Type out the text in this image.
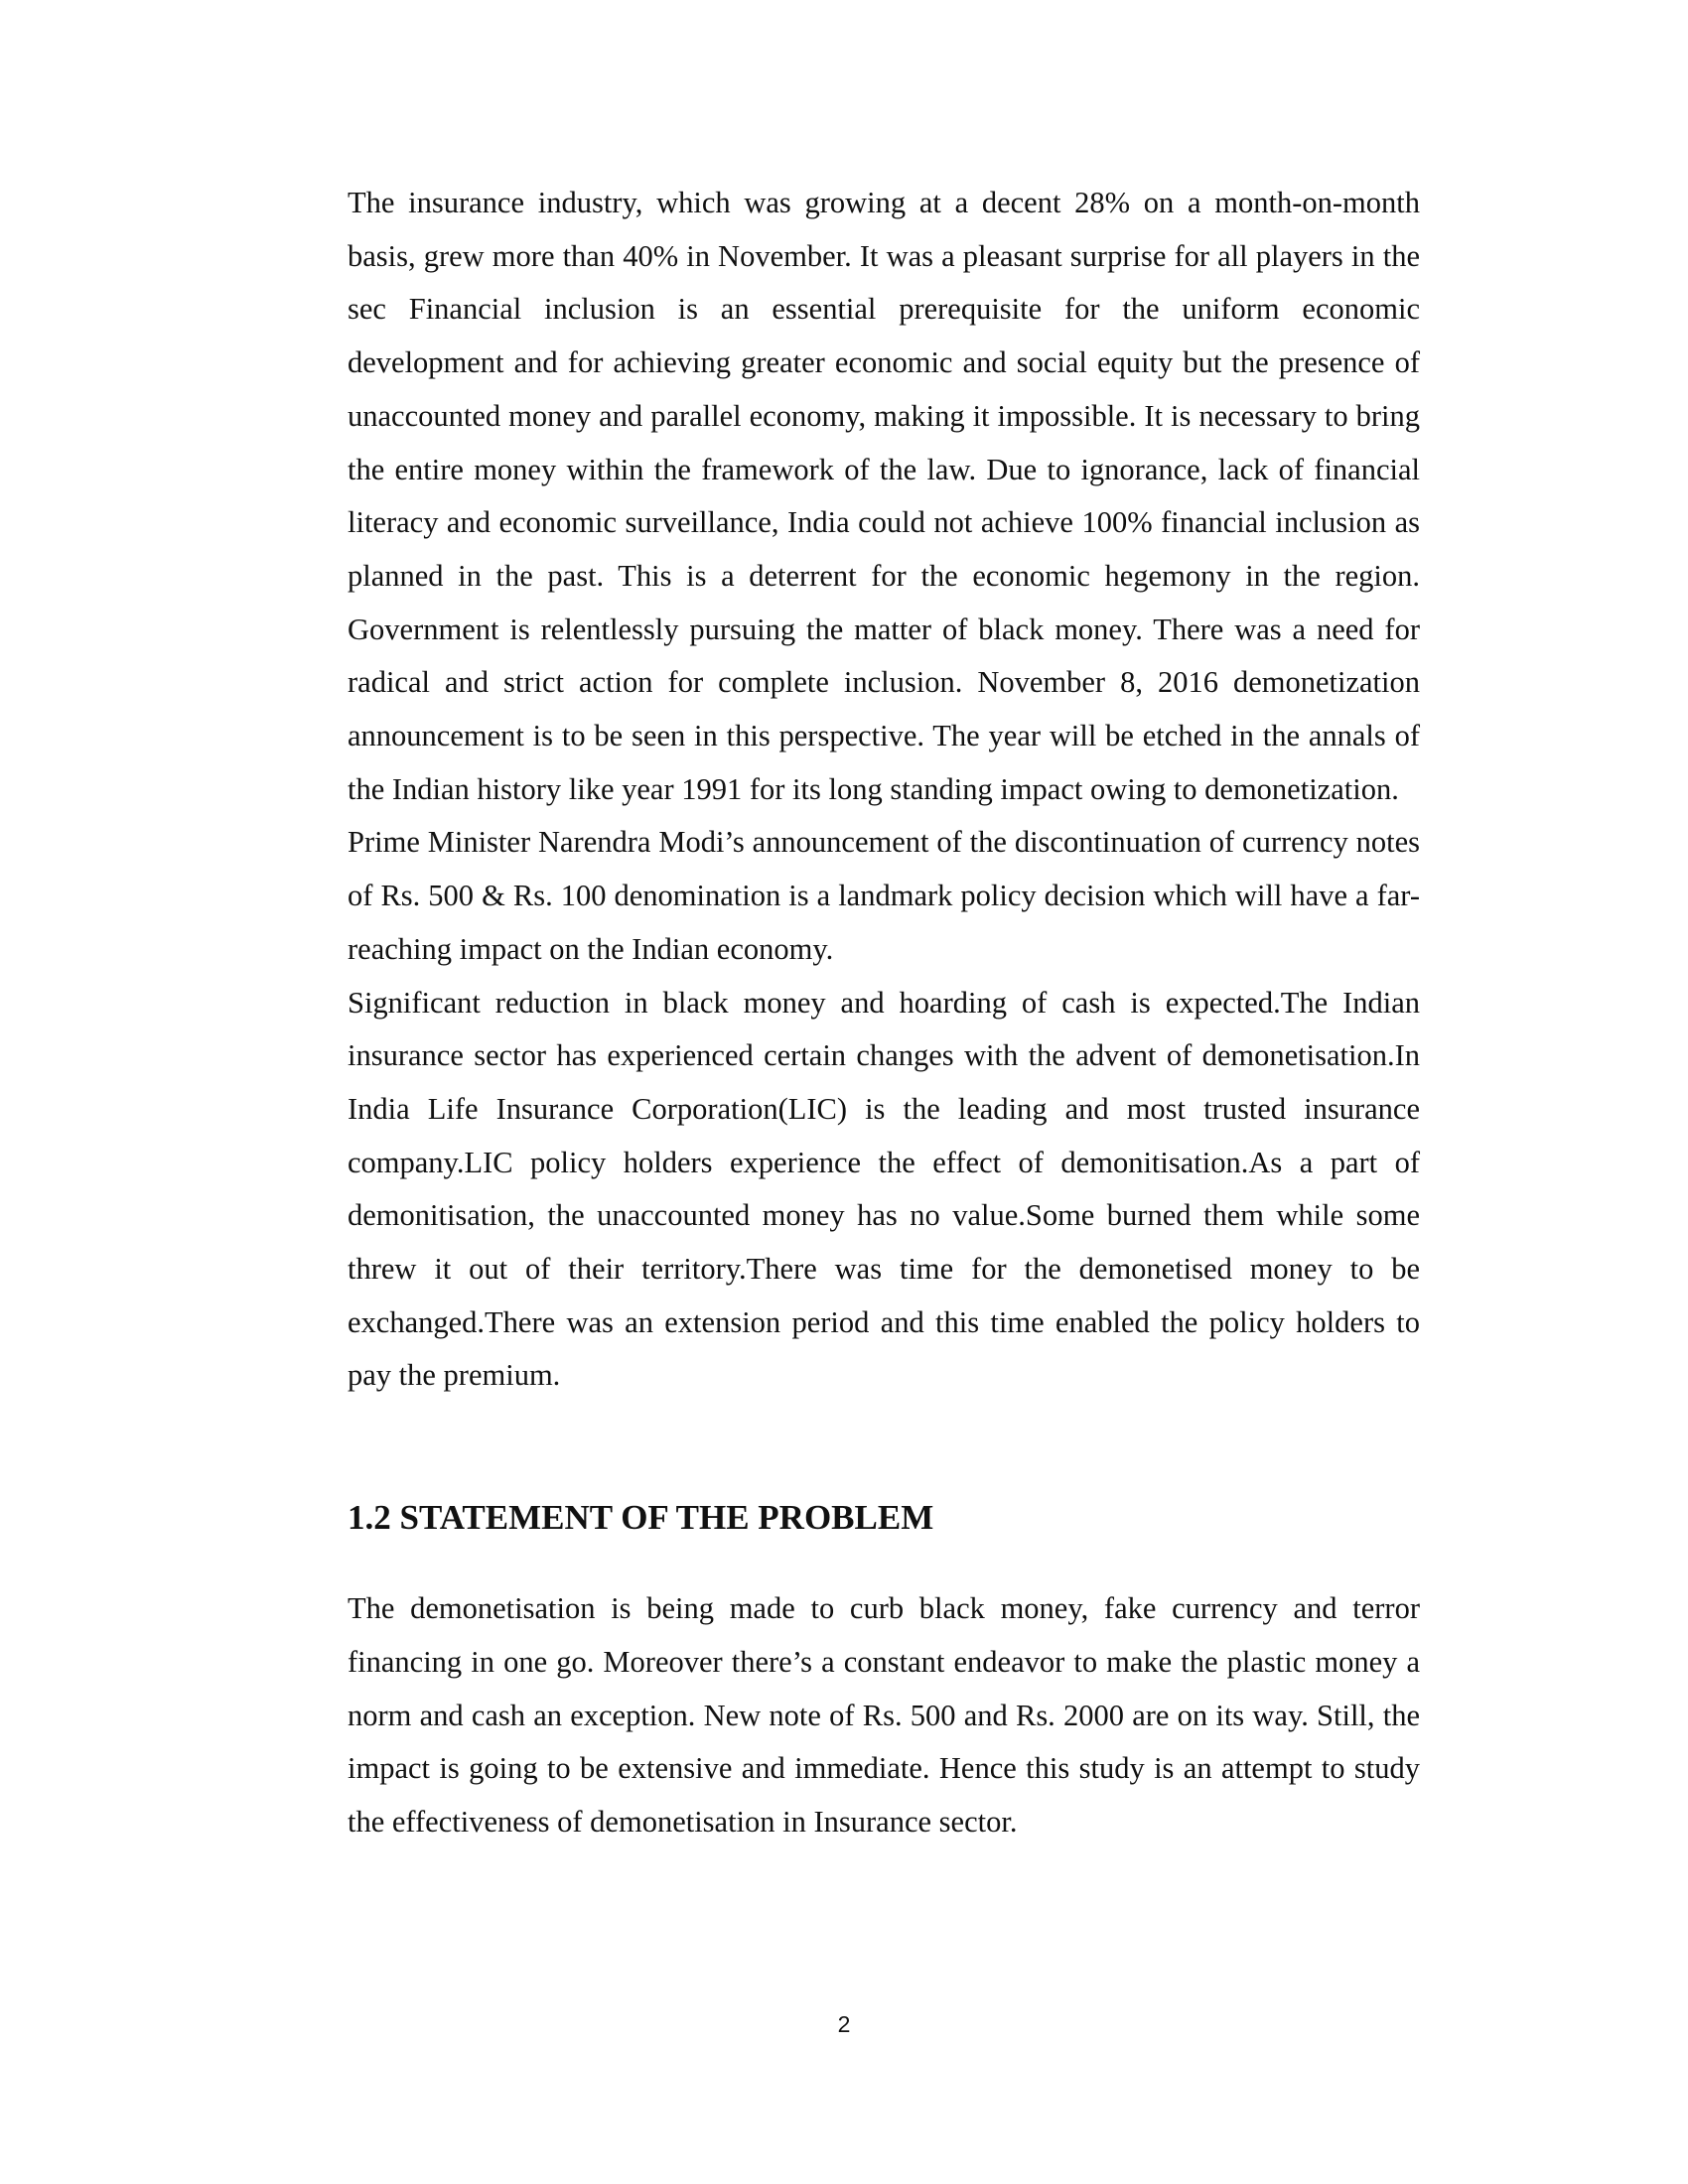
The insurance industry, which was growing at a decent 28% on a month-on-month basis, grew more than 40% in November. It was a pleasant surprise for all players in the sec Financial inclusion is an essential prerequisite for the uniform economic development and for achieving greater economic and social equity but the presence of unaccounted money and parallel economy, making it impossible. It is necessary to bring the entire money within the framework of the law. Due to ignorance, lack of financial literacy and economic surveillance, India could not achieve 100% financial inclusion as planned in the past. This is a deterrent for the economic hegemony in the region. Government is relentlessly pursuing the matter of black money. There was a need for radical and strict action for complete inclusion. November 8, 2016 demonetization announcement is to be seen in this perspective. The year will be etched in the annals of the Indian history like year 1991 for its long standing impact owing to demonetization.

Prime Minister Narendra Modi’s announcement of the discontinuation of currency notes of Rs. 500 & Rs. 100 denomination is a landmark policy decision which will have a far-reaching impact on the Indian economy.

Significant reduction in black money and hoarding of cash is expected.The Indian insurance sector has experienced certain changes with the advent of demonetisation.In India Life Insurance Corporation(LIC) is the leading and most trusted insurance company.LIC policy holders experience the effect of demonitisation.As a part of demonitisation, the unaccounted money has no value.Some burned them while some threw it out of their territory.There was time for the demonetised money to be exchanged.There was an extension period and this time enabled the policy holders to pay the premium.

1.2 STATEMENT OF THE PROBLEM

The demonetisation is being made to curb black money, fake currency and terror financing in one go. Moreover there’s a constant endeavor to make the plastic money a norm and cash an exception. New note of Rs. 500 and Rs. 2000 are on its way. Still, the impact is going to be extensive and immediate. Hence this study is an attempt to study the effectiveness of demonetisation in Insurance sector.

2
